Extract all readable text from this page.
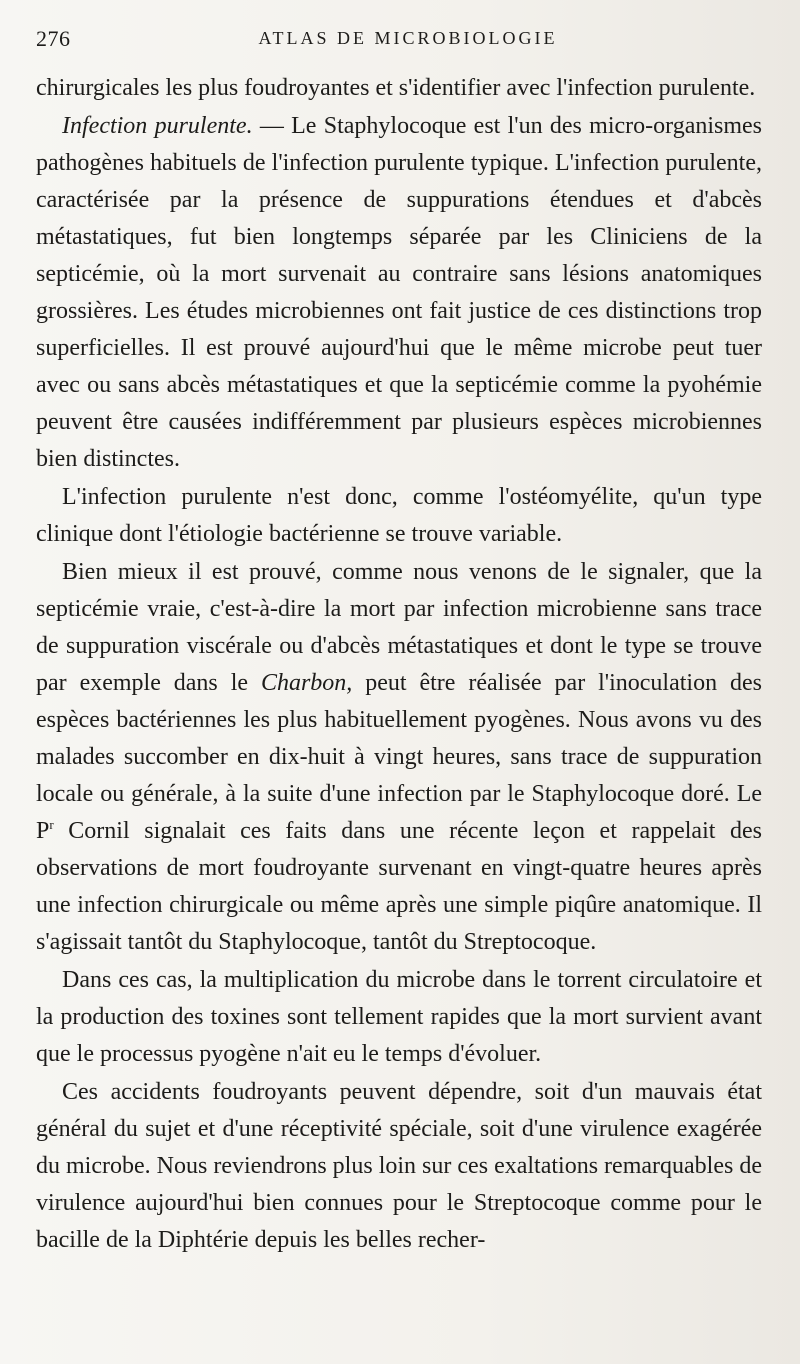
276	ATLAS DE MICROBIOLOGIE

chirurgicales les plus foudroyantes et s'identifier avec l'infection purulente.

Infection purulente. — Le Staphylocoque est l'un des micro-organismes pathogènes habituels de l'infection purulente typique. L'infection purulente, caractérisée par la présence de suppurations étendues et d'abcès métastatiques, fut bien longtemps séparée par les Cliniciens de la septicémie, où la mort survenait au contraire sans lésions anatomiques grossières. Les études microbiennes ont fait justice de ces distinctions trop superficielles. Il est prouvé aujourd'hui que le même microbe peut tuer avec ou sans abcès métastatiques et que la septicémie comme la pyohémie peuvent être causées indifféremment par plusieurs espèces microbiennes bien distinctes.

L'infection purulente n'est donc, comme l'ostéomyélite, qu'un type clinique dont l'étiologie bactérienne se trouve variable.

Bien mieux il est prouvé, comme nous venons de le signaler, que la septicémie vraie, c'est-à-dire la mort par infection microbienne sans trace de suppuration viscérale ou d'abcès métastatiques et dont le type se trouve par exemple dans le Charbon, peut être réalisée par l'inoculation des espèces bactériennes les plus habituellement pyogènes. Nous avons vu des malades succomber en dix-huit à vingt heures, sans trace de suppuration locale ou générale, à la suite d'une infection par le Staphylocoque doré. Le $P^r$ Cornil signalait ces faits dans une récente leçon et rappelait des observations de mort foudroyante survenant en vingt-quatre heures après une infection chirurgicale ou même après une simple piqûre anatomique. Il s'agissait tantôt du Staphylocoque, tantôt du Streptocoque.

Dans ces cas, la multiplication du microbe dans le torrent circulatoire et la production des toxines sont tellement rapides que la mort survient avant que le processus pyogène n'ait eu le temps d'évoluer.

Ces accidents foudroyants peuvent dépendre, soit d'un mauvais état général du sujet et d'une réceptivité spéciale, soit d'une virulence exagérée du microbe. Nous reviendrons plus loin sur ces exaltations remarquables de virulence aujourd'hui bien connues pour le Streptocoque comme pour le bacille de la Diphtérie depuis les belles recher-
